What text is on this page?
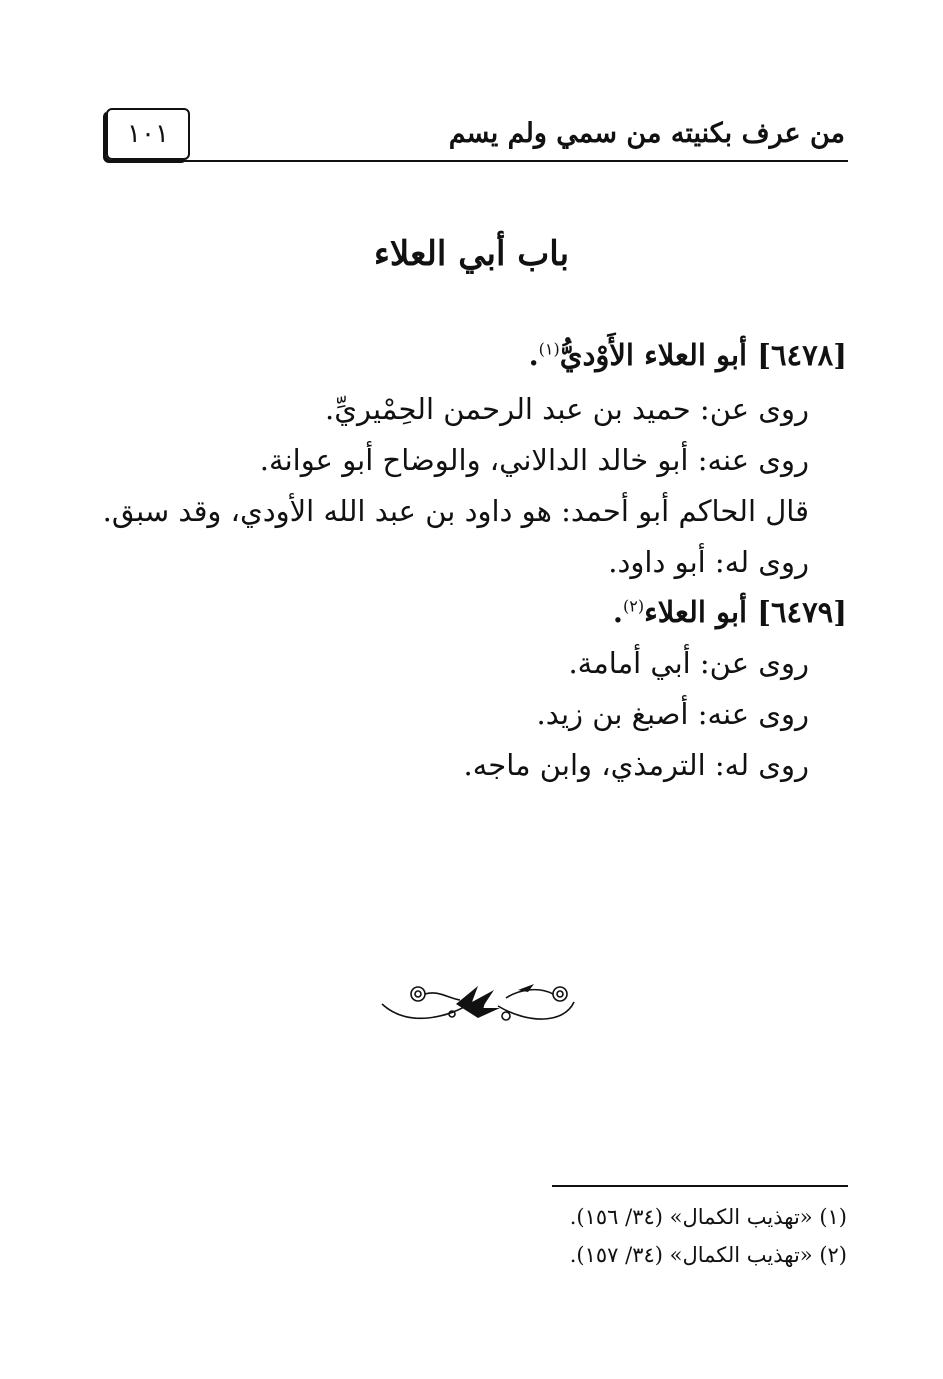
من عرف بكنيته من سمي ولم يسم
١٠١
باب أبي العلاء
[٦٤٧٨] أبو العلاء الأَوْديُّ$^{(١)}$.
روى عن: حميد بن عبد الرحمن الحِمْيريِّ.
روى عنه: أبو خالد الدالاني، والوضاح أبو عوانة.
قال الحاكم أبو أحمد: هو داود بن عبد الله الأودي، وقد سبق.
روى له: أبو داود.
[٦٤٧٩] أبو العلاء$^{(٢)}$.
روى عن: أبي أمامة.
روى عنه: أصبغ بن زيد.
روى له: الترمذي، وابن ماجه.
(١) «تهذيب الكمال» (٣٤/ ١٥٦).
(٢) «تهذيب الكمال» (٣٤/ ١٥٧).
